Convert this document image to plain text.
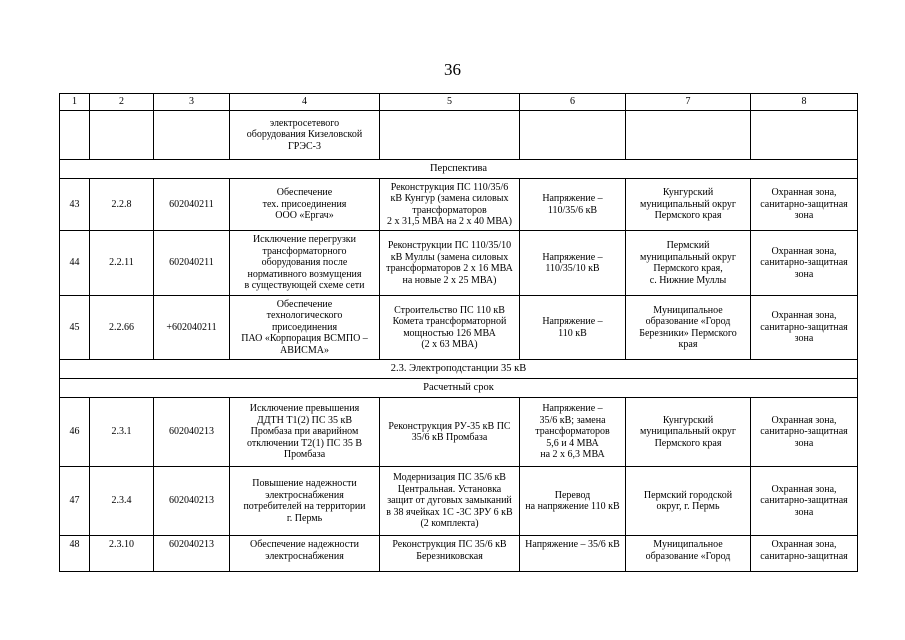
36
1	2	3	4	5	6	7	8
			электросетевого
оборудования Кизеловской
ГРЭС-3				
Перспектива							
43	2.2.8	602040211	Обеспечение
тех. присоединения
ООО «Ергач»	Реконструкция ПС 110/35/6
кВ Кунгур (замена силовых
трансформаторов
2 х 31,5 МВА на 2 х 40 МВА)	Напряжение –
110/35/6 кВ	Кунгурский
муниципальный округ
Пермского края	Охранная зона,
санитарно-защитная
зона
44	2.2.11	602040211	Исключение перегрузки
трансформаторного
оборудования после
нормативного возмущения
в существующей схеме сети	Реконструкции ПС 110/35/10
кВ Муллы (замена силовых
трансформаторов 2 х 16 МВА
на новые 2 х 25 МВА)	Напряжение –
110/35/10 кВ	Пермский
муниципальный округ
Пермского края,
с. Нижние Муллы	Охранная зона,
санитарно-защитная
зона
45	2.2.66	+602040211	Обеспечение
технологического
присоединения
ПАО «Корпорация ВСМПО –
АВИСМА»	Строительство ПС 110 кВ
Комета трансформаторной
мощностью 126 МВА
(2 х 63 МВА)	Напряжение –
110 кВ	Муниципальное
образование «Город
Березники» Пермского
края	Охранная зона,
санитарно-защитная
зона
2.3. Электроподстанции 35 кВ							
Расчетный срок							
46	2.3.1	602040213	Исключение превышения
ДДТН Т1(2) ПС 35 кВ
Промбаза при аварийном
отключении Т2(1) ПС 35 В
Промбаза	Реконструкция РУ-35 кВ ПС
35/6 кВ Промбаза	Напряжение –
35/6 кВ; замена
трансформаторов
5,6 и 4 МВА
на 2 х 6,3 МВА	Кунгурский
муниципальный округ
Пермского края	Охранная зона,
санитарно-защитная
зона
47	2.3.4	602040213	Повышение надежности
электроснабжения
потребителей на территории
г. Пермь	Модернизация ПС 35/6 кВ
Центральная. Установка
защит от дуговых замыканий
в 38 ячейках 1С -3С ЗРУ 6 кВ
(2 комплекта)	Перевод
на напряжение 110 кВ	Пермский городской
округ, г. Пермь	Охранная зона,
санитарно-защитная
зона
48	2.3.10	602040213	Обеспечение надежности
электроснабжения	Реконструкция ПС 35/6 кВ
Березниковская	Напряжение – 35/6 кВ	Муниципальное
образование «Город	Охранная зона,
санитарно-защитная
